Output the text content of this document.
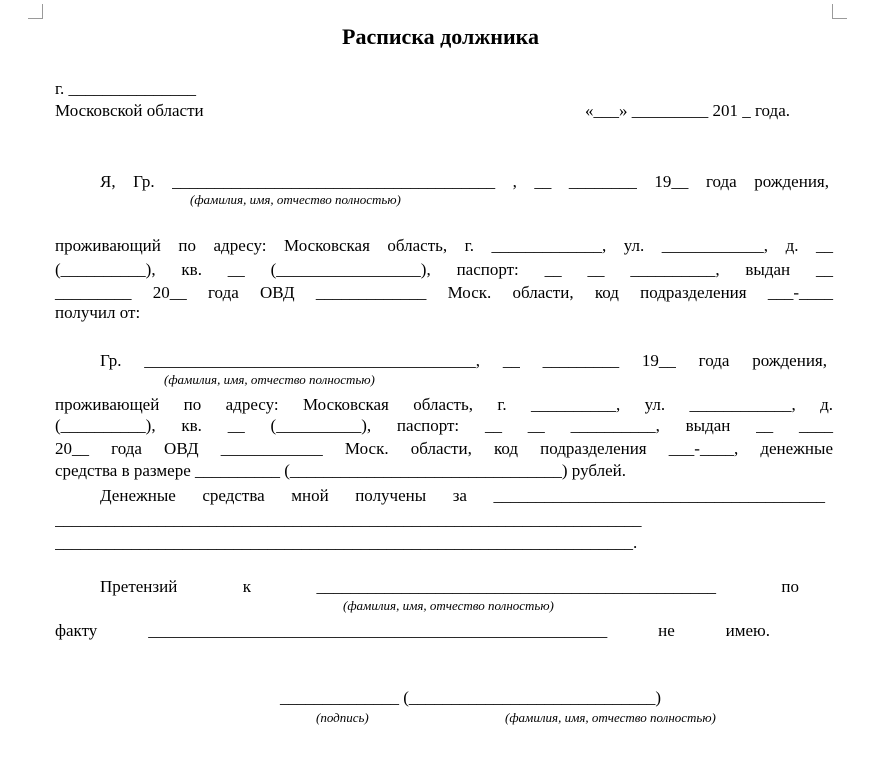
Расписка должника
г. _______________
Московской области	«___» _________ 201 _ года.
Я, Гр. ______________________________________ , __ ________ 19__ года рождения,
(фамилия, имя, отчество полностью)
проживающий по адресу: Московская область, г. _____________, ул. ____________, д. __
(__________), кв. __ (_________________), паспорт: __ __ __________, выдан __
_________ 20__ года ОВД _____________ Моск. области, код подразделения ___-____
получил от:
Гр. _______________________________________, __ _________ 19__ года рождения,
(фамилия, имя, отчество полностью)
проживающей по адресу: Московская область, г. __________, ул. ____________, д.
(__________), кв. __ (__________), паспорт: __ __ __________, выдан __ ____
20__ года ОВД ____________ Моск. области, код подразделения ___-____, денежные
средства в размере __________ (________________________________) рублей.
Денежные средства мной получены за _______________________________________
_____________________________________________________________________
____________________________________________________________________.
Претензий к _______________________________________________ по
(фамилия, имя, отчество полностью)
факту ______________________________________________________ не имею.
______________ (_____________________________)
(подпись)	(фамилия, имя, отчество полностью)
